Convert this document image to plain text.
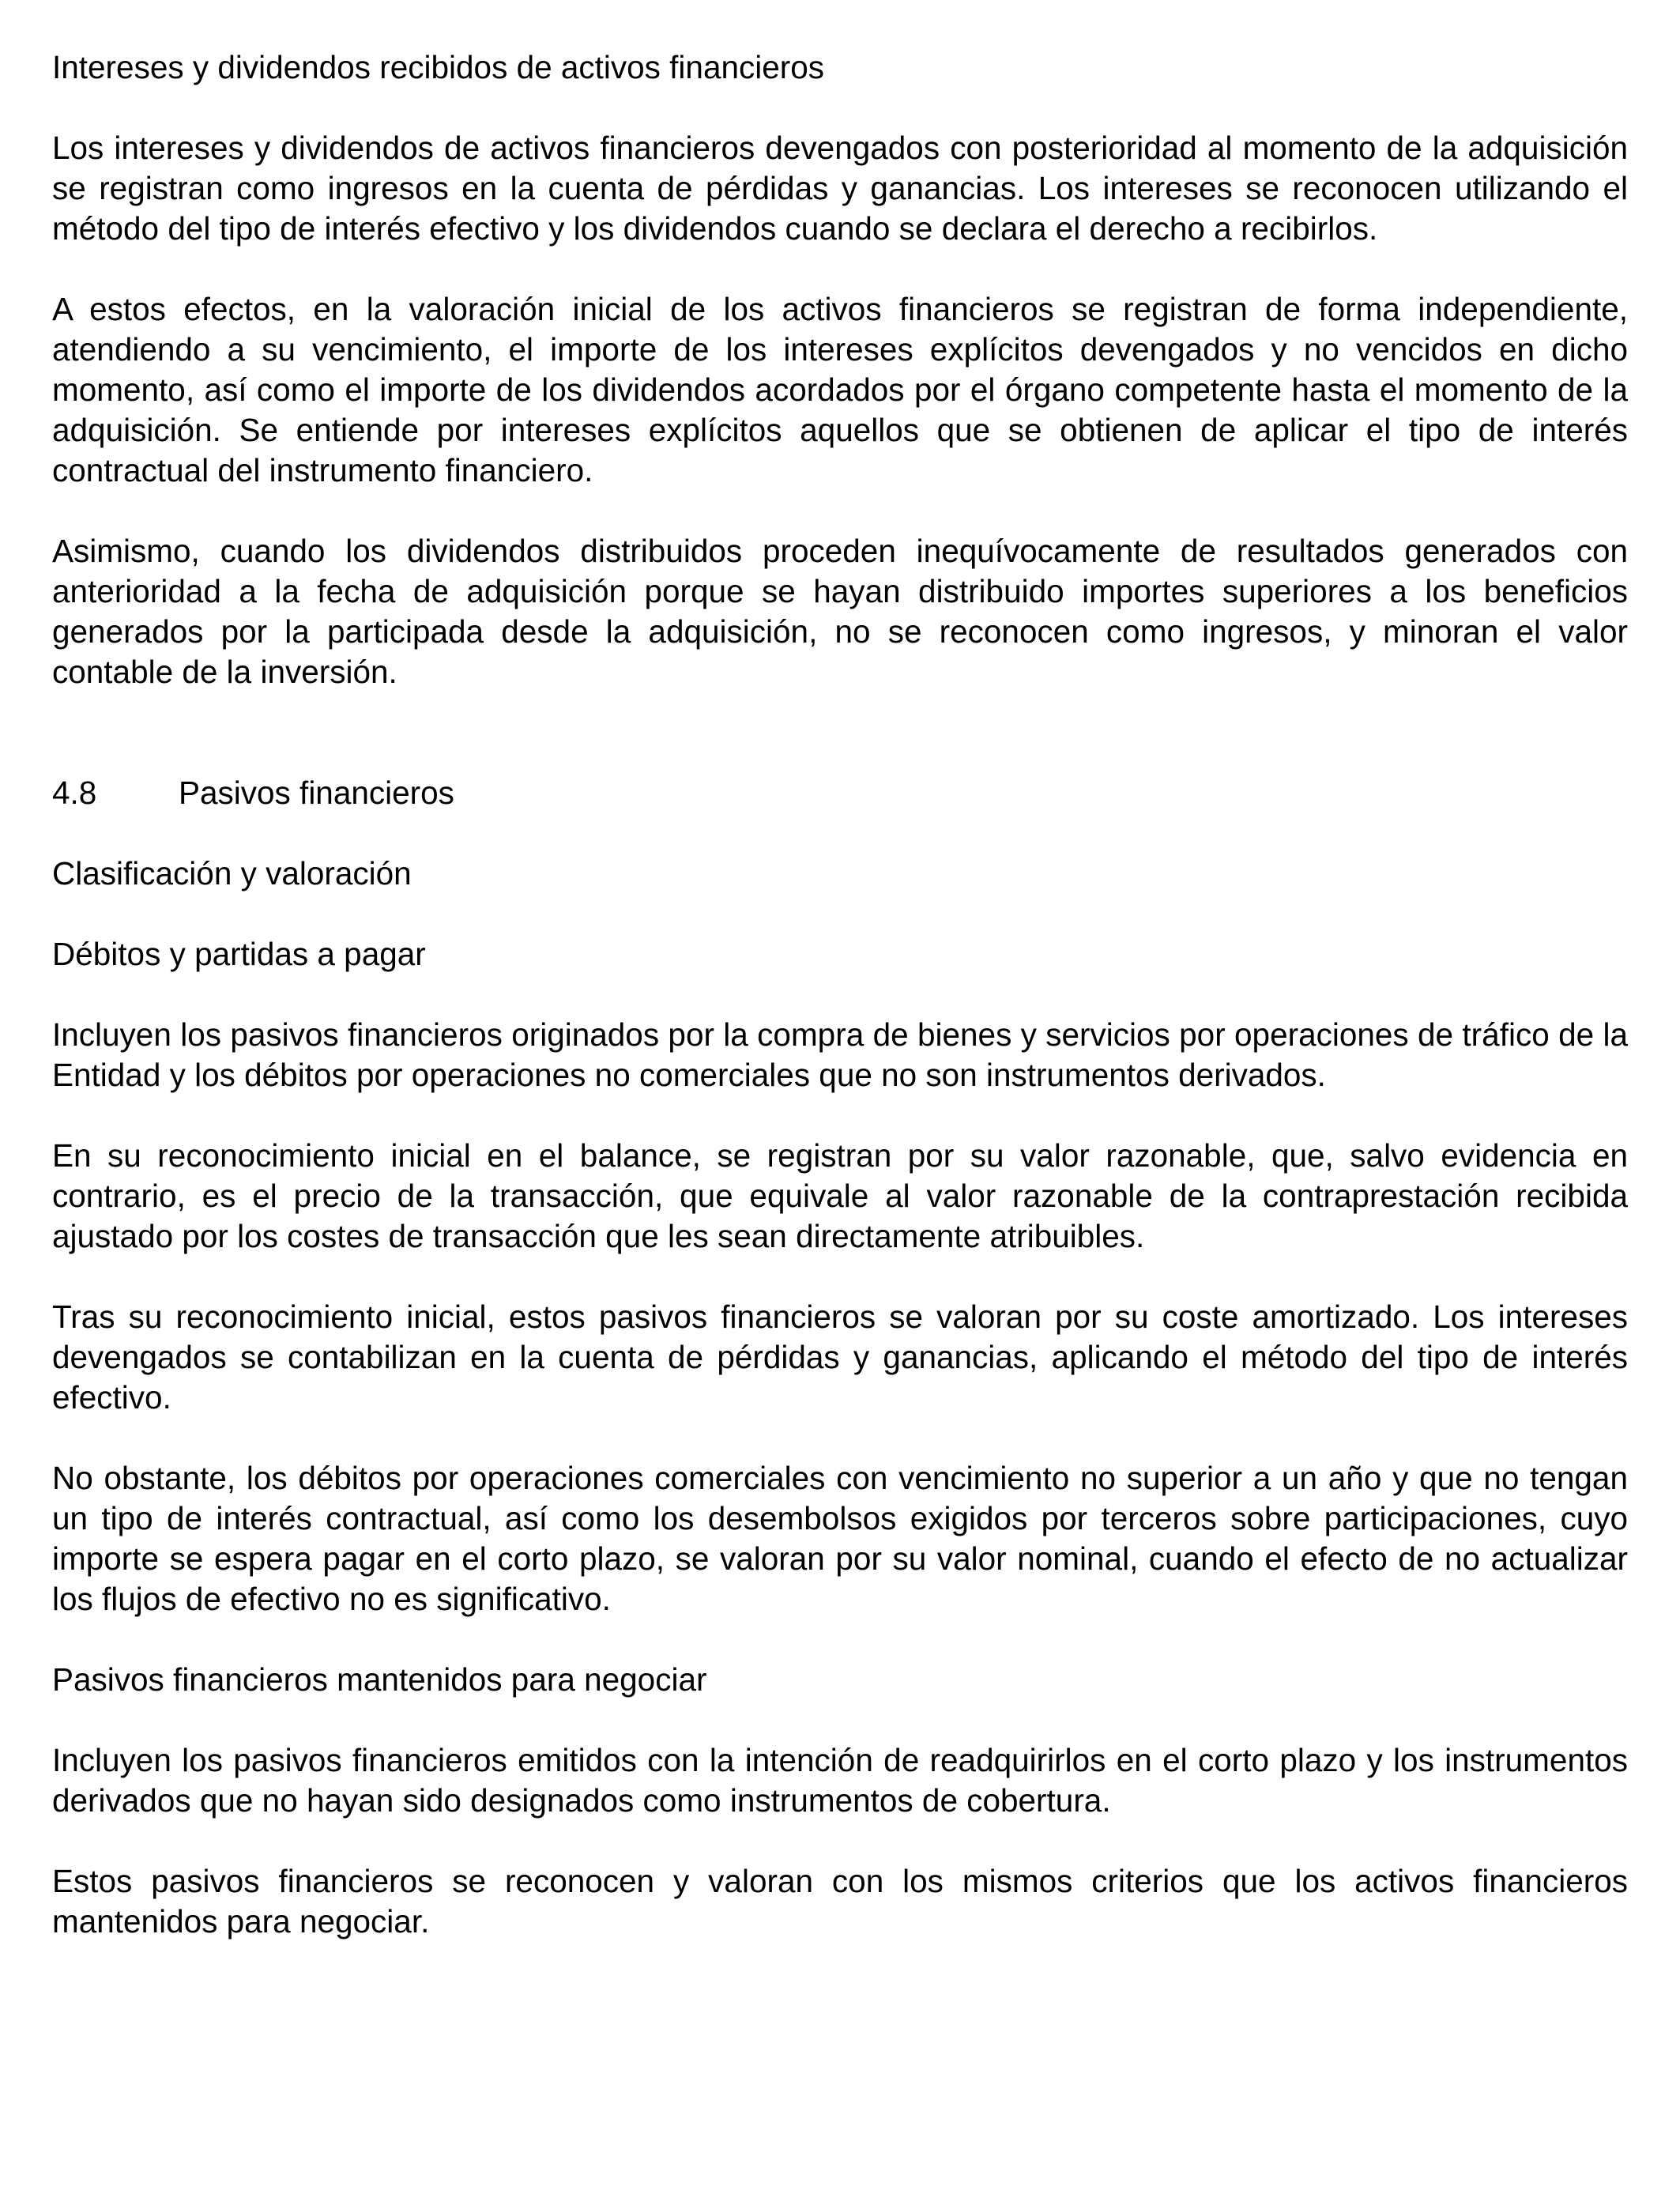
Intereses y dividendos recibidos de activos financieros
Los intereses y dividendos de activos financieros devengados con posterioridad al momento de la adquisición se registran como ingresos en la cuenta de pérdidas y ganancias. Los intereses se reconocen utilizando el método del tipo de interés efectivo y los dividendos cuando se declara el derecho a recibirlos.
A estos efectos, en la valoración inicial de los activos financieros se registran de forma independiente, atendiendo a su vencimiento, el importe de los intereses explícitos devengados y no vencidos en dicho momento, así como el importe de los dividendos acordados por el órgano competente hasta el momento de la adquisición. Se entiende por intereses explícitos aquellos que se obtienen de aplicar el tipo de interés contractual del instrumento financiero.
Asimismo, cuando los dividendos distribuidos proceden inequívocamente de resultados generados con anterioridad a la fecha de adquisición porque se hayan distribuido importes superiores a los beneficios generados por la participada desde la adquisición, no se reconocen como ingresos, y minoran el valor contable de la inversión.
4.8	Pasivos financieros
Clasificación y valoración
Débitos y partidas a pagar
Incluyen los pasivos financieros originados por la compra de bienes y servicios por operaciones de tráfico de la Entidad y los débitos por operaciones no comerciales que no son instrumentos derivados.
En su reconocimiento inicial en el balance, se registran por su valor razonable, que, salvo evidencia en contrario, es el precio de la transacción, que equivale al valor razonable de la contraprestación recibida ajustado por los costes de transacción que les sean directamente atribuibles.
Tras su reconocimiento inicial, estos pasivos financieros se valoran por su coste amortizado. Los intereses devengados se contabilizan en la cuenta de pérdidas y ganancias, aplicando el método del tipo de interés efectivo.
No obstante, los débitos por operaciones comerciales con vencimiento no superior a un año y que no tengan un tipo de interés contractual, así como los desembolsos exigidos por terceros sobre participaciones, cuyo importe se espera pagar en el corto plazo, se valoran por su valor nominal, cuando el efecto de no actualizar los flujos de efectivo no es significativo.
Pasivos financieros mantenidos para negociar
Incluyen los pasivos financieros emitidos con la intención de readquirirlos en el corto plazo y los instrumentos derivados que no hayan sido designados como instrumentos de cobertura.
Estos pasivos financieros se reconocen y valoran con los mismos criterios que los activos financieros mantenidos para negociar.
